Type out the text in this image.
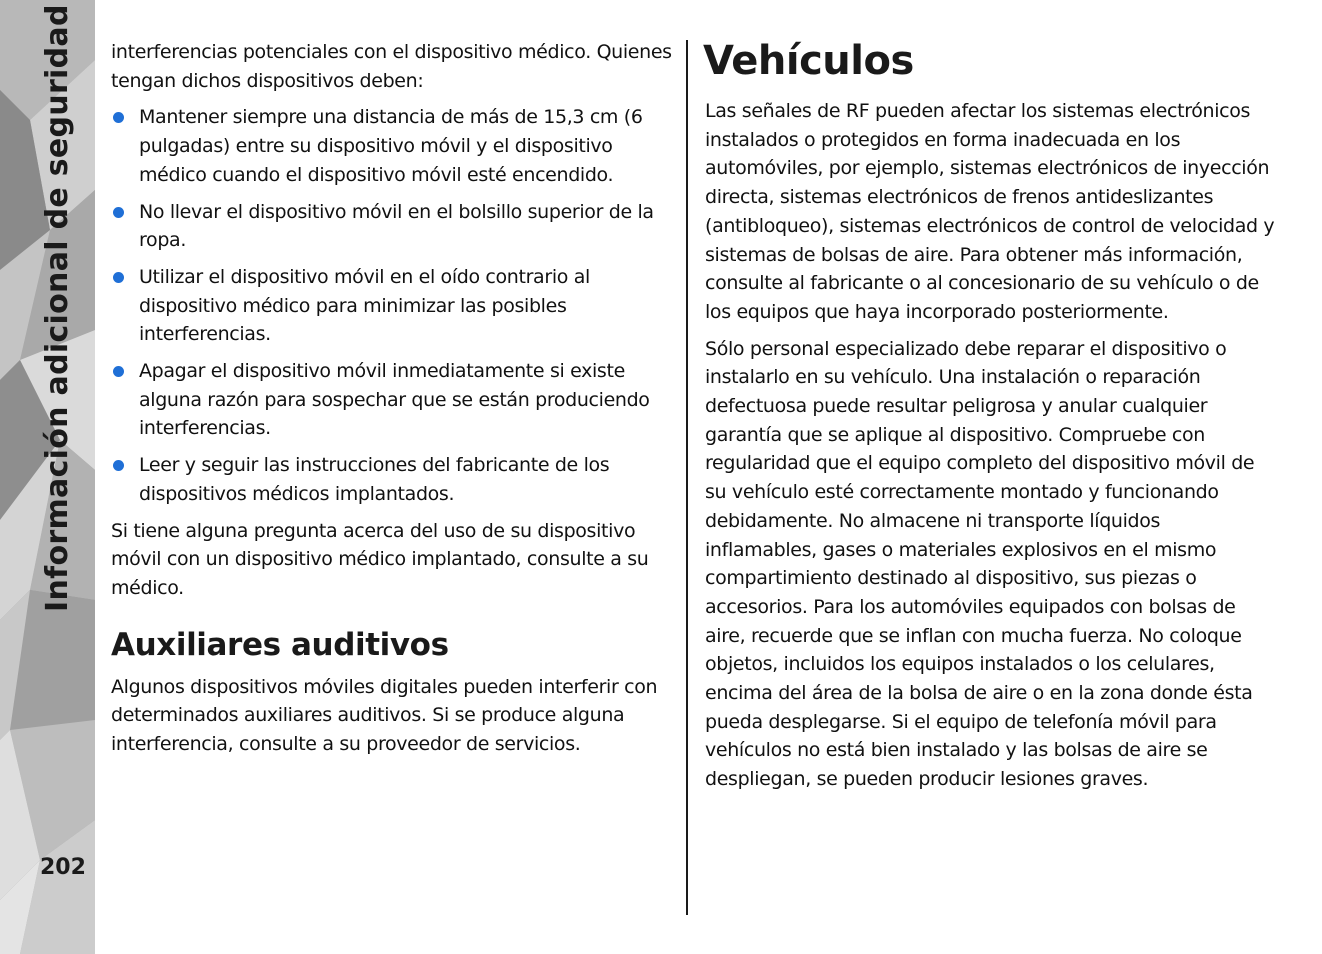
Información adicional de seguridad
202

interferencias potenciales con el dispositivo médico. Quienes tengan dichos dispositivos deben:

Mantener siempre una distancia de más de 15,3 cm (6 pulgadas) entre su dispositivo móvil y el dispositivo médico cuando el dispositivo móvil esté encendido.
No llevar el dispositivo móvil en el bolsillo superior de la ropa.
Utilizar el dispositivo móvil en el oído contrario al dispositivo médico para minimizar las posibles interferencias.
Apagar el dispositivo móvil inmediatamente si existe alguna razón para sospechar que se están produciendo interferencias.
Leer y seguir las instrucciones del fabricante de los dispositivos médicos implantados.

Si tiene alguna pregunta acerca del uso de su dispositivo móvil con un dispositivo médico implantado, consulte a su médico.

Auxiliares auditivos

Algunos dispositivos móviles digitales pueden interferir con determinados auxiliares auditivos. Si se produce alguna interferencia, consulte a su proveedor de servicios.

Vehículos

Las señales de RF pueden afectar los sistemas electrónicos instalados o protegidos en forma inadecuada en los automóviles, por ejemplo, sistemas electrónicos de inyección directa, sistemas electrónicos de frenos antideslizantes (antibloqueo), sistemas electrónicos de control de velocidad y sistemas de bolsas de aire. Para obtener más información, consulte al fabricante o al concesionario de su vehículo o de los equipos que haya incorporado posteriormente.

Sólo personal especializado debe reparar el dispositivo o instalarlo en su vehículo. Una instalación o reparación defectuosa puede resultar peligrosa y anular cualquier garantía que se aplique al dispositivo. Compruebe con regularidad que el equipo completo del dispositivo móvil de su vehículo esté correctamente montado y funcionando debidamente. No almacene ni transporte líquidos inflamables, gases o materiales explosivos en el mismo compartimiento destinado al dispositivo, sus piezas o accesorios. Para los automóviles equipados con bolsas de aire, recuerde que se inflan con mucha fuerza. No coloque objetos, incluidos los equipos instalados o los celulares, encima del área de la bolsa de aire o en la zona donde ésta pueda desplegarse. Si el equipo de telefonía móvil para vehículos no está bien instalado y las bolsas de aire se despliegan, se pueden producir lesiones graves.
